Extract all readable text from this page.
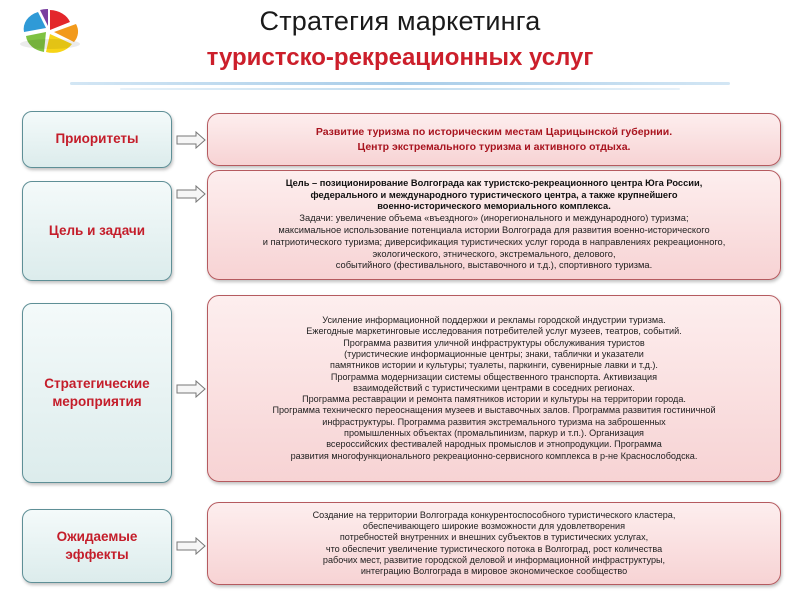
Стратегия маркетинга
туристско-рекреационных услуг
Приоритеты	Развитие туризма по историческим местам Царицынской губернии.
Центр экстремального туризма и активного отдыха.
Цель и задачи
Цель – позиционирование Волгограда как туристско-рекреационного центра Юга России,
федерального и международного туристического центра, а также крупнейшего
военно-исторического мемориального комплекса.
Задачи: увеличение объема «въездного» (инорегионального и международного) туризма;
максимальное использование потенциала истории Волгограда для развития военно-исторического
и патриотического туризма; диверсификация туристических услуг города в направлениях рекреационного,
экологического, этнического, экстремального, делового,
событийного (фестивального, выставочного и т.д.), спортивного туризма.
Стратегические
мероприятия
Усиление информационной поддержки и рекламы городской индустрии туризма.
Ежегодные маркетинговые исследования потребителей услуг музеев, театров, событий.
Программа развития уличной инфраструктуры обслуживания туристов
(туристические информационные центры; знаки, таблички и указатели
памятников истории и культуры; туалеты, паркинги, сувенирные лавки и т.д.).
Программа модернизации системы общественного транспорта. Активизация
взаимодействий с туристическими центрами в соседних регионах.
Программа реставрации и ремонта памятников истории и культуры на территории города.
Программа техническго переоснащения музеев и выставочных залов. Программа развития гостиничной
инфраструктуры. Программа развития экстремального туризма на заброшенных
промышленных объектах (промальпинизм, паркур и т.п.). Организация
всероссийских фестивалей народных промыслов и этнопродукции. Программа
развития многофункционального рекреационно-сервисного комплекса в р-не Краснослободска.
Ожидаемые
эффекты
Создание на территории Волгограда конкурентоспособного туристического кластера,
обеспечивающего широкие возможности для удовлетворения
потребностей внутренних и внешних субъектов в туристических услугах,
что обеспечит увеличение туристического потока в Волгоград, рост количества
рабочих мест, развитие городской деловой и информационной инфраструктуры,
интеграцию Волгограда в мировое экономическое сообщество
